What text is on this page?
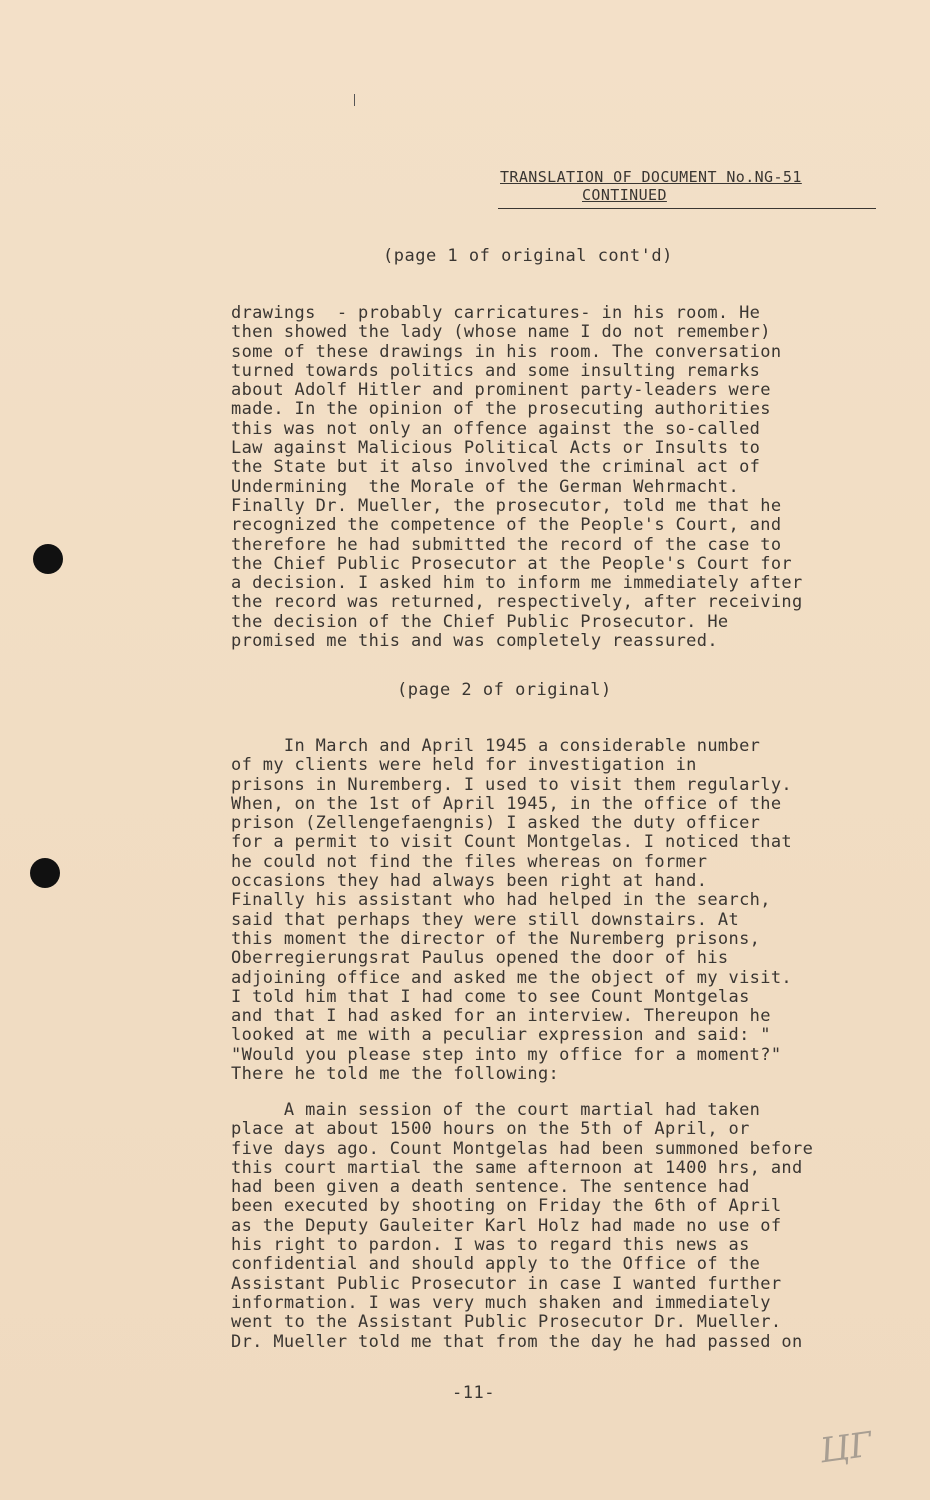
TRANSLATION OF DOCUMENT No.NG-51
CONTINUED
(page 1 of original cont'd)
drawings  - probably carricatures- in his room. He
then showed the lady (whose name I do not remember)
some of these drawings in his room. The conversation
turned towards politics and some insulting remarks
about Adolf Hitler and prominent party-leaders were
made. In the opinion of the prosecuting authorities
this was not only an offence against the so-called
Law against Malicious Political Acts or Insults to
the State but it also involved the criminal act of
Undermining  the Morale of the German Wehrmacht.
Finally Dr. Mueller, the prosecutor, told me that he
recognized the competence of the People's Court, and
therefore he had submitted the record of the case to
the Chief Public Prosecutor at the People's Court for
a decision. I asked him to inform me immediately after
the record was returned, respectively, after receiving
the decision of the Chief Public Prosecutor. He
promised me this and was completely reassured.
(page 2 of original)
In March and April 1945 a considerable number
of my clients were held for investigation in
prisons in Nuremberg. I used to visit them regularly.
When, on the 1st of April 1945, in the office of the
prison (Zellengefaengnis) I asked the duty officer
for a permit to visit Count Montgelas. I noticed that
he could not find the files whereas on former
occasions they had always been right at hand.
Finally his assistant who had helped in the search,
said that perhaps they were still downstairs. At
this moment the director of the Nuremberg prisons,
Oberregierungsrat Paulus opened the door of his
adjoining office and asked me the object of my visit.
I told him that I had come to see Count Montgelas
and that I had asked for an interview. Thereupon he
looked at me with a peculiar expression and said: "
"Would you please step into my office for a moment?"
There he told me the following:
A main session of the court martial had taken
place at about 1500 hours on the 5th of April, or
five days ago. Count Montgelas had been summoned before
this court martial the same afternoon at 1400 hrs, and
had been given a death sentence. The sentence had
been executed by shooting on Friday the 6th of April
as the Deputy Gauleiter Karl Holz had made no use of
his right to pardon. I was to regard this news as
confidential and should apply to the Office of the
Assistant Public Prosecutor in case I wanted further
information. I was very much shaken and immediately
went to the Assistant Public Prosecutor Dr. Mueller.
Dr. Mueller told me that from the day he had passed on
-11-
ЦГ
